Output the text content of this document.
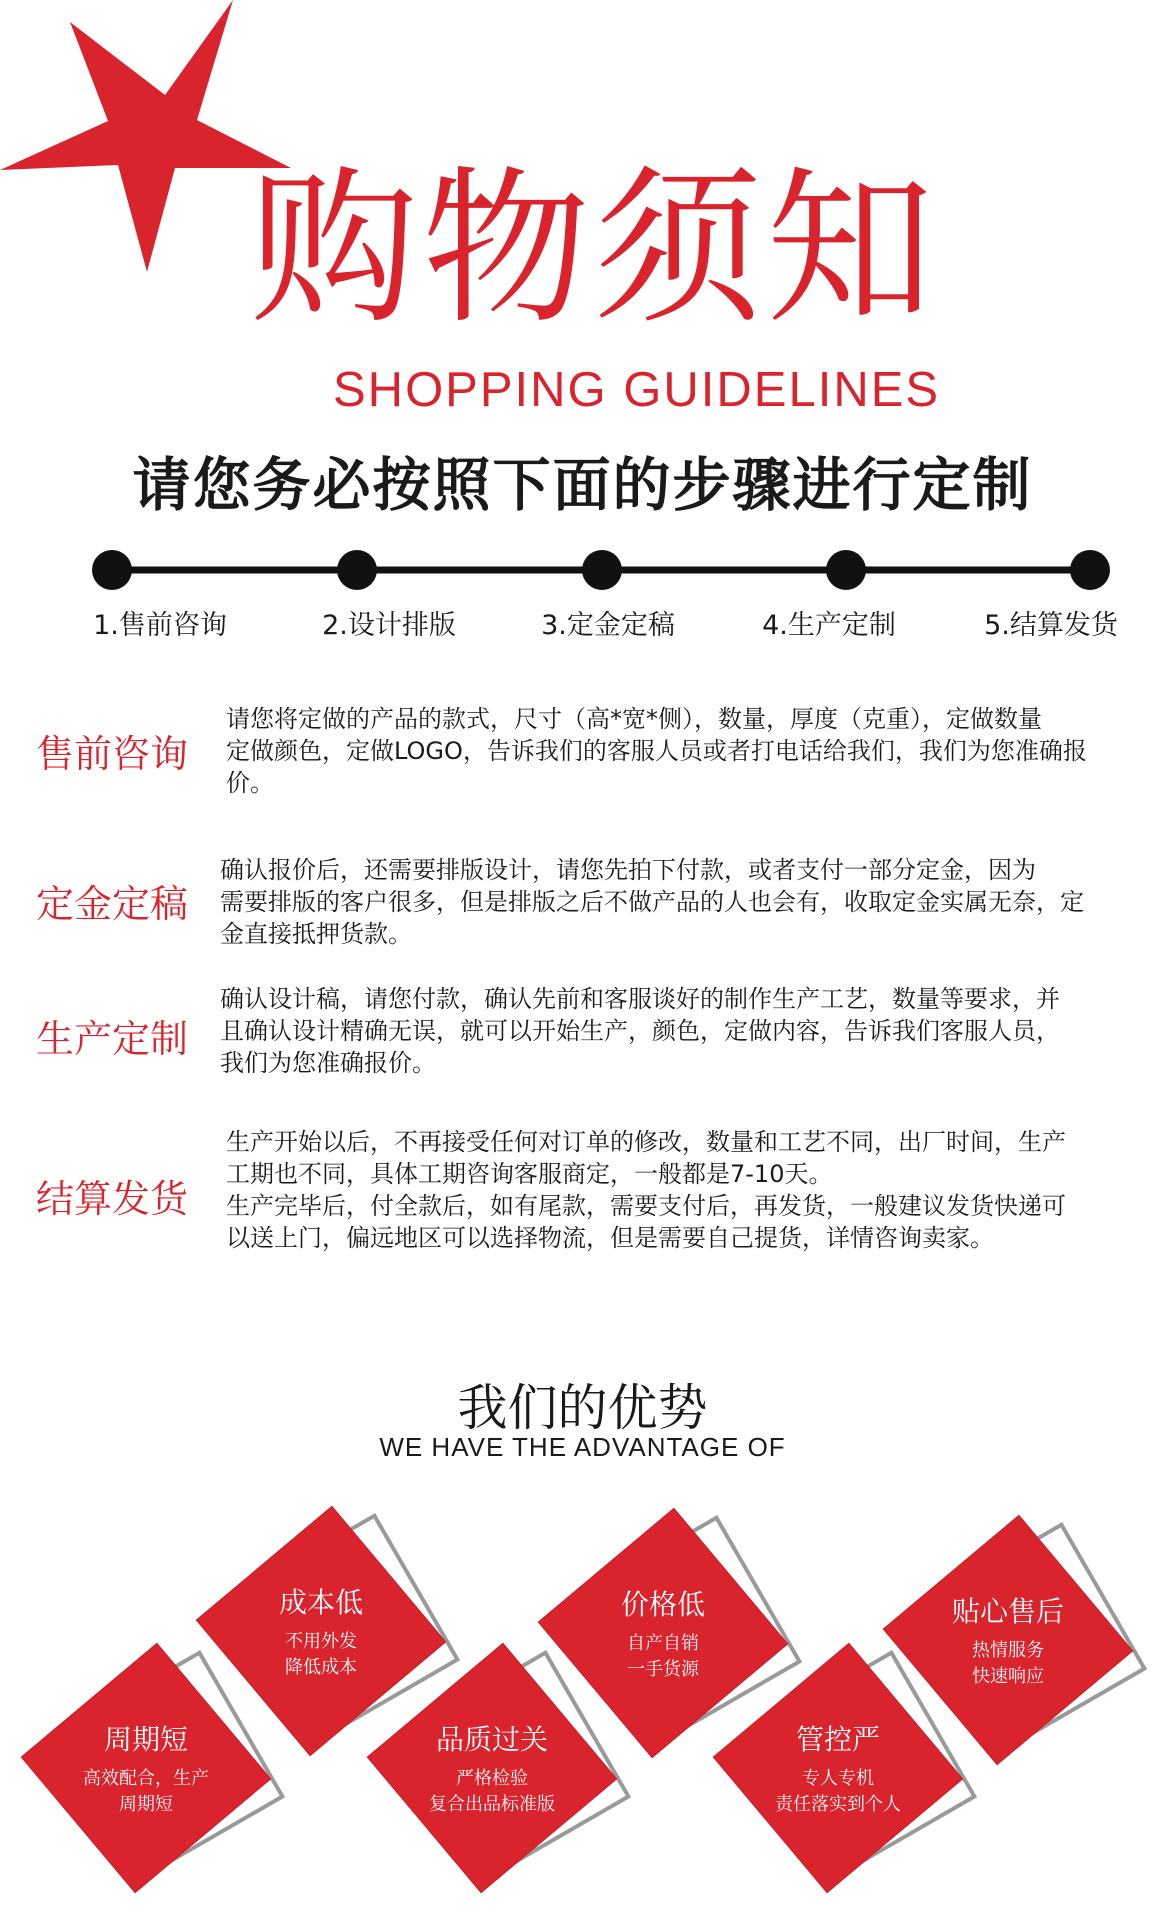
购物须知
SHOPPING GUIDELINES
请您务必按照下面的步骤进行定制
1.售前咨询	2.设计排版	3.定金定稿	4.生产定制	5.结算发货
售前咨询
请您将定做的产品的款式，尺寸（高*宽*侧），数量，厚度（克重），定做数量
定做颜色，定做LOGO，告诉我们的客服人员或者打电话给我们，我们为您准确报
价。
定金定稿
确认报价后，还需要排版设计，请您先拍下付款，或者支付一部分定金，因为
需要排版的客户很多，但是排版之后不做产品的人也会有，收取定金实属无奈，定
金直接抵押货款。
生产定制
确认设计稿，请您付款，确认先前和客服谈好的制作生产工艺，数量等要求，并
且确认设计精确无误，就可以开始生产，颜色，定做内容，告诉我们客服人员，
我们为您准确报价。
结算发货
生产开始以后，不再接受任何对订单的修改，数量和工艺不同，出厂时间，生产
工期也不同，具体工期咨询客服商定，一般都是7-10天。
生产完毕后，付全款后，如有尾款，需要支付后，再发货，一般建议发货快递可
以送上门，偏远地区可以选择物流，但是需要自己提货，详情咨询卖家。
我们的优势
WE HAVE THE ADVANTAGE OF
周期短
高效配合，生产
周期短
成本低
不用外发
降低成本
品质过关
严格检验
复合出品标准版
价格低
自产自销
一手货源
管控严
专人专机
责任落实到个人
贴心售后
热情服务
快速响应
